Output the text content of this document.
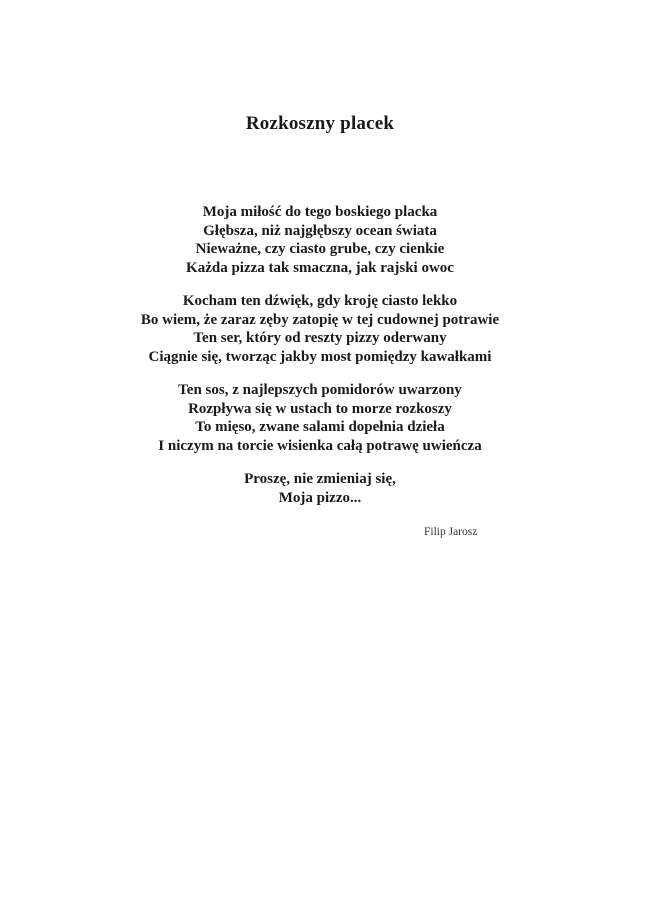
Rozkoszny placek
Moja miłość do tego boskiego placka
Głębsza, niż najgłębszy ocean świata
Nieważne, czy ciasto grube, czy cienkie
Każda pizza tak smaczna, jak rajski owoc
Kocham ten dźwięk, gdy kroję ciasto lekko
Bo wiem, że zaraz zęby zatopię w tej cudownej potrawie
Ten ser, który od reszty pizzy oderwany
Ciągnie się, tworząc jakby most pomiędzy kawałkami
Ten sos, z najlepszych pomidorów uwarzony
Rozpływa się w ustach to morze rozkoszy
To mięso, zwane salami dopełnia dzieła
I niczym na torcie wisienka całą potrawę uwieńcza
Proszę, nie zmieniaj się,
Moja pizzo...
Filip Jarosz
